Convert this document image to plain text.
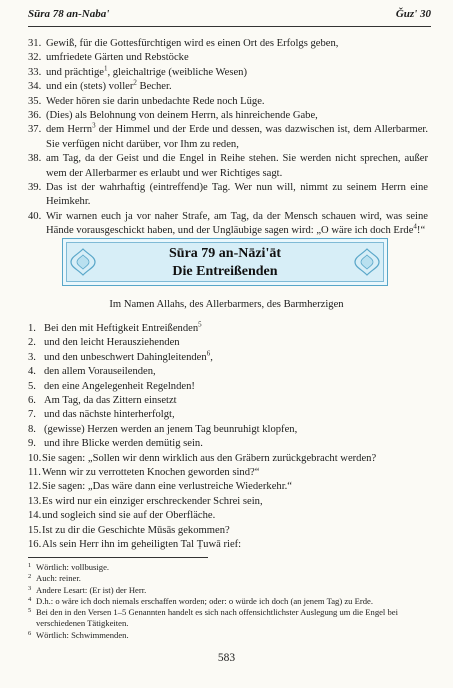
Sūra 78 an-Naba'	Ǧuz' 30
31. Gewiß, für die Gottesfürchtigen wird es einen Ort des Erfolgs geben,
32. umfriedete Gärten und Rebstöcke
33. und prächtige$^1$, gleichaltrige (weibliche Wesen)
34. und ein (stets) voller$^2$ Becher.
35. Weder hören sie darin unbedachte Rede noch Lüge.
36. (Dies) als Belohnung von deinem Herrn, als hinreichende Gabe,
37. dem Herrn$^3$ der Himmel und der Erde und dessen, was dazwischen ist, dem Allerbarmer. Sie verfügen nicht darüber, vor Ihm zu reden,
38. am Tag, da der Geist und die Engel in Reihe stehen. Sie werden nicht sprechen, außer wem der Allerbarmer es erlaubt und wer Richtiges sagt.
39. Das ist der wahrhaftig (eintreffend)e Tag. Wer nun will, nimmt zu seinem Herrn eine Heimkehr.
40. Wir warnen euch ja vor naher Strafe, am Tag, da der Mensch schauen wird, was seine Hände vorausgeschickt haben, und der Ungläubige sagen wird: „O wäre ich doch Erde$^4$!“
Sūra 79 an-Nāzi'āt
Die Entreißenden
Im Namen Allahs, des Allerbarmers, des Barmherzigen
1. Bei den mit Heftigkeit Entreißenden$^5$
2. und den leicht Herausziehenden
3. und den unbeschwert Dahingleitenden$^6$,
4. den allem Vorauseilenden,
5. den eine Angelegenheit Regelnden!
6. Am Tag, da das Zittern einsetzt
7. und das nächste hinterherfolgt,
8. (gewisse) Herzen werden an jenem Tag beunruhigt klopfen,
9. und ihre Blicke werden demütig sein.
10. Sie sagen: „Sollen wir denn wirklich aus den Gräbern zurückgebracht werden?
11. Wenn wir zu verrotteten Knochen geworden sind?“
12. Sie sagen: „Das wäre dann eine verlustreiche Wiederkehr.“
13. Es wird nur ein einziger erschreckender Schrei sein,
14. und sogleich sind sie auf der Oberfläche.
15. Ist zu dir die Geschichte Mūsās gekommen?
16. Als sein Herr ihn im geheiligten Tal Ṭuwā rief:
1 Wörtlich: vollbusige.
2 Auch: reiner.
3 Andere Lesart: (Er ist) der Herr.
4 D.h.: o wäre ich doch niemals erschaffen worden; oder: o würde ich doch (an jenem Tag) zu Erde.
5 Bei den in den Versen 1–5 Genannten handelt es sich nach offensichtlichster Auslegung um die Engel bei verschiedenen Tätigkeiten.
6 Wörtlich: Schwimmenden.
583
